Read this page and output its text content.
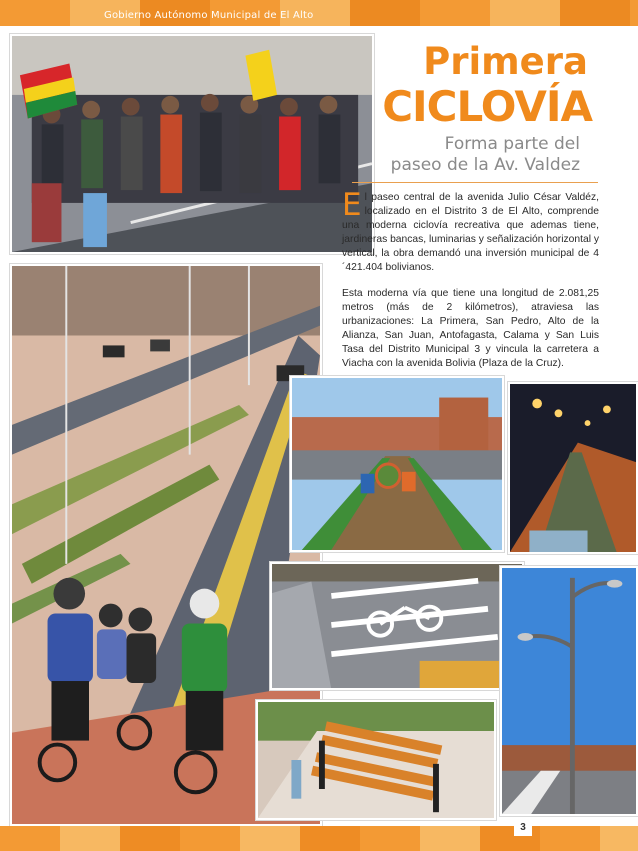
Gobierno Autónomo Municipal de El Alto
Primera
CICLOVÍA
Forma parte del
paseo de la Av. Valdez

El paseo central de la avenida Julio César Valdéz, localizado en el Distrito 3 de El Alto, comprende una moderna ciclovía recreativa que ademas tiene, jardineras bancas, luminarias y señalización horizontal y vertical, la obra demandó una inversión municipal de 4´421.404 bolivianos.

Esta moderna vía que tiene una longitud de 2.081,25 metros (más de 2 kilómetros), atraviesa las urbanizaciones: La Primera, San Pedro, Alto de la Alianza, San Juan, Antofagasta, Calama y San Luis Tasa del Distrito Municipal 3 y vincula la carretera a Viacha con la avenida Bolivia (Plaza de la Cruz).

3
